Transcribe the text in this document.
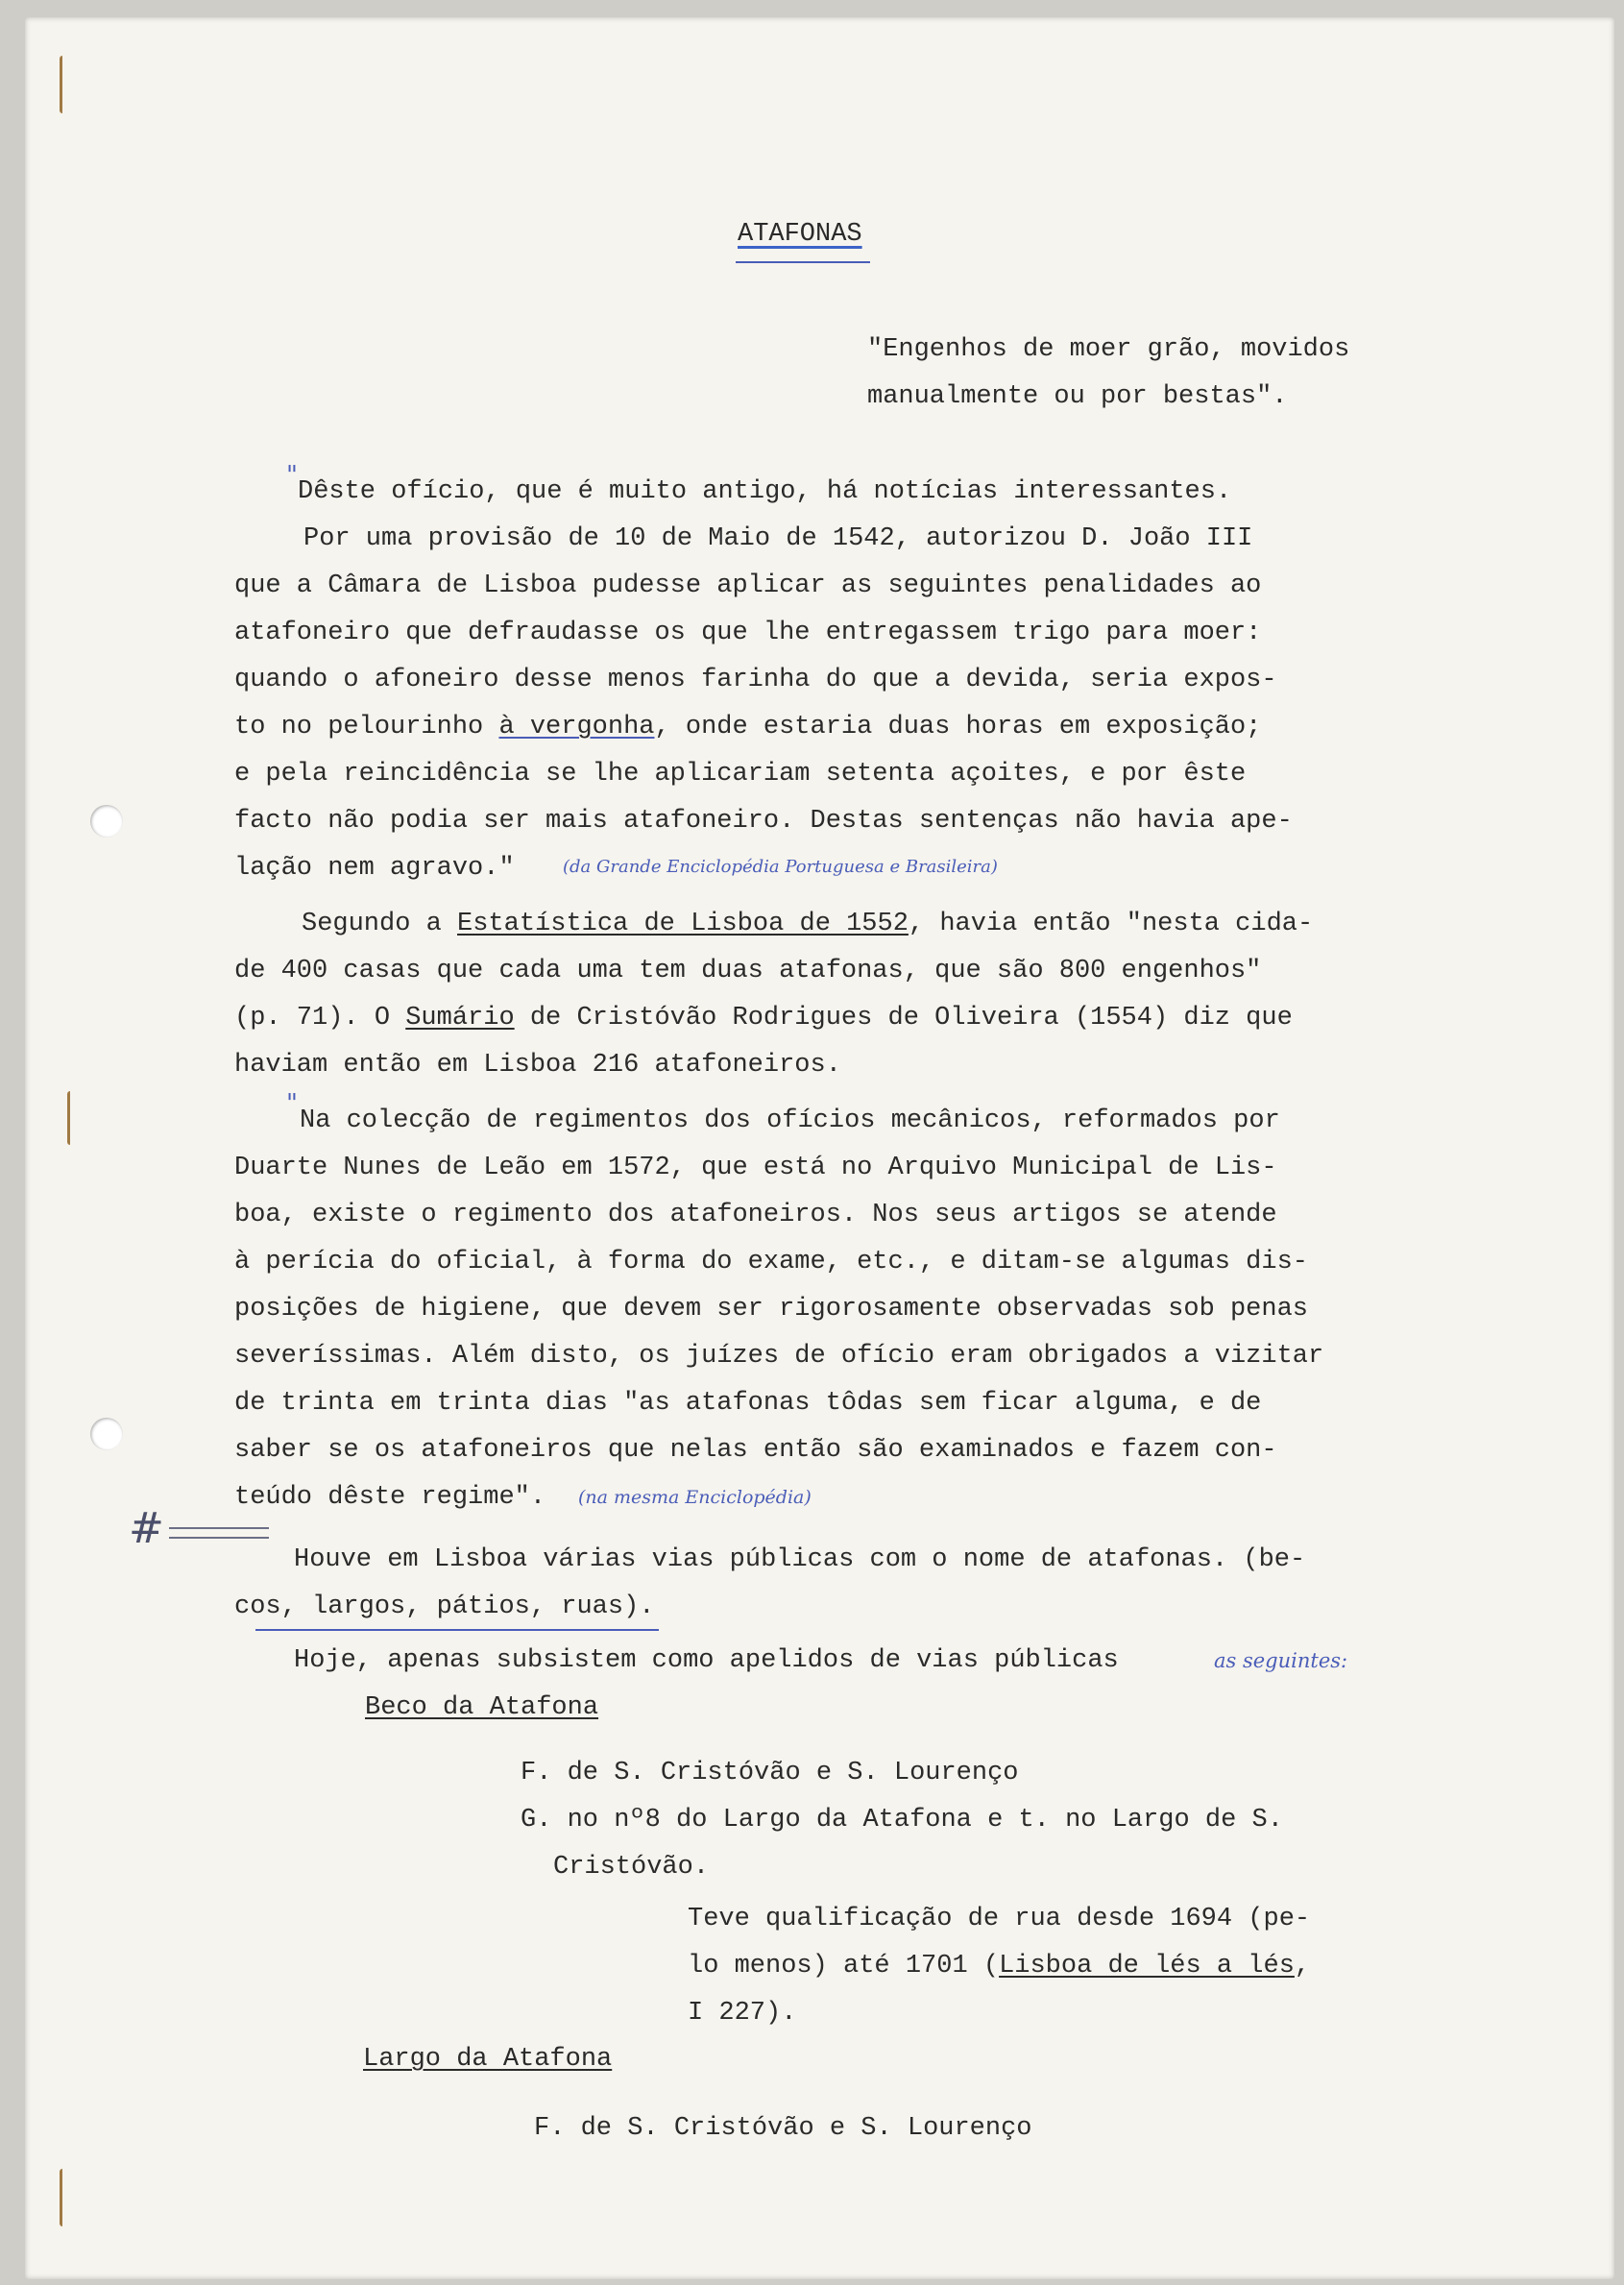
ATAFONAS

"Engenhos de moer grão, movidos

manualmente ou por bestas".

"

Dêste ofício, que é muito antigo, há notícias interessantes.

Por uma provisão de 10 de Maio de 1542, autorizou D. João III

que a Câmara de Lisboa pudesse aplicar as seguintes penalidades ao

atafoneiro que defraudasse os que lhe entregassem trigo para moer:

quando o afoneiro desse menos farinha do que a devida, seria expos-

to no pelourinho à vergonha, onde estaria duas horas em exposição;

e pela reincidência se lhe aplicariam setenta açoites, e por êste

facto não podia ser mais atafoneiro. Destas sentenças não havia ape-

lação nem agravo."	(da Grande Enciclopédia Portuguesa e Brasileira)

Segundo a Estatística de Lisboa de 1552, havia então "nesta cida-

de 400 casas que cada uma tem duas atafonas, que são 800 engenhos"

(p. 71). O Sumário de Cristóvão Rodrigues de Oliveira (1554) diz que

haviam então em Lisboa 216 atafoneiros.

"

Na colecção de regimentos dos ofícios mecânicos, reformados por

Duarte Nunes de Leão em 1572, que está no Arquivo Municipal de Lis-

boa, existe o regimento dos atafoneiros. Nos seus artigos se atende

à perícia do oficial, à forma do exame, etc., e ditam-se algumas dis-

posições de higiene, que devem ser rigorosamente observadas sob penas

severíssimas. Além disto, os juízes de ofício eram obrigados a vizitar

de trinta em trinta dias "as atafonas tôdas sem ficar alguma, e de

saber se os atafoneiros que nelas então são examinados e fazem con-

teúdo dêste regime". (na mesma Enciclopédia)

#

Houve em Lisboa várias vias públicas com o nome de atafonas. (be-

cos, largos, pátios, ruas).

Hoje, apenas subsistem como apelidos de vias públicas	as seguintes:

Beco da Atafona

F. de S. Cristóvão e S. Lourenço

G. no nº8 do Largo da Atafona e t. no Largo de S.

Cristóvão.

Teve qualificação de rua desde 1694 (pe-

lo menos) até 1701 (Lisboa de lés a lés,

I 227).

Largo da Atafona

F. de S. Cristóvão e S. Lourenço
